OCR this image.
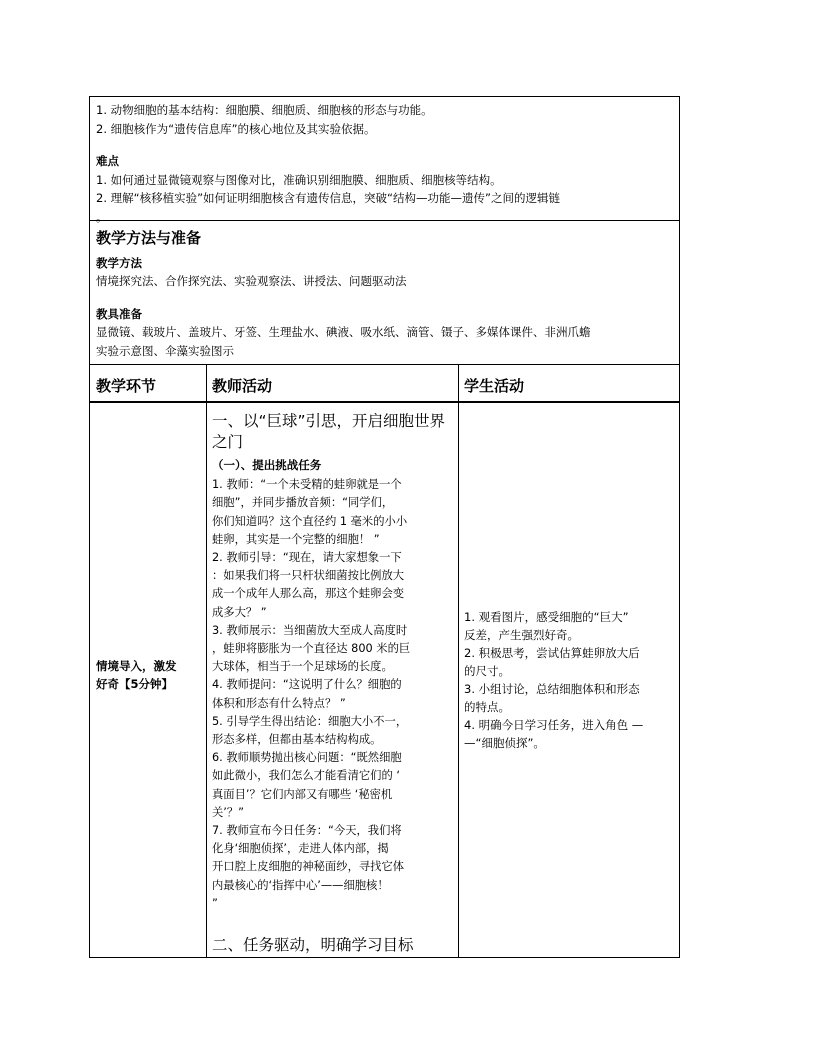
1. 动物细胞的基本结构：细胞膜、细胞质、细胞核的形态与功能。

2. 细胞核作为“遗传信息库”的核心地位及其实验依据。

难点

1. 如何通过显微镜观察与图像对比，准确识别细胞膜、细胞质、细胞核等结构。

2. 理解“核移植实验”如何证明细胞核含有遗传信息，突破“结构—功能—遗传”之间的逻辑链

。

教学方法与准备

教学方法

情境探究法、合作探究法、实验观察法、讲授法、问题驱动法

教具准备

显微镜、载玻片、盖玻片、牙签、生理盐水、碘液、吸水纸、滴管、镊子、多媒体课件、非洲爪蟾

实验示意图、伞藻实验图示

教学环节	教师活动	学生活动

情境导入，激发

好奇【5分钟】

一、以“巨球”引思，开启细胞世界之门
（一）、提出挑战任务

1. 教师：“一个未受精的蛙卵就是一个

细胞”，并同步播放音频：“同学们，

你们知道吗？这个直径约 1 毫米的小小

蛙卵，其实是一个完整的细胞！ ”

2. 教师引导：“现在，请大家想象一下

：如果我们将一只杆状细菌按比例放大

成一个成年人那么高，那这个蛙卵会变

成多大？ ”

3. 教师展示：当细菌放大至成人高度时

，蛙卵将膨胀为一个直径达 800 米的巨

大球体，相当于一个足球场的长度。

4. 教师提问：“这说明了什么？细胞的

体积和形态有什么特点？ ”

5. 引导学生得出结论：细胞大小不一，

形态多样，但都由基本结构构成。

6. 教师顺势抛出核心问题：“既然细胞

如此微小，我们怎么才能看清它们的 ‘

真面目’？它们内部又有哪些 ‘秘密机

关’？”

7. 教师宣布今日任务：“今天，我们将

化身‘细胞侦探’，走进人体内部，揭

开口腔上皮细胞的神秘面纱，寻找它体

内最核心的‘指挥中心’——细胞核！

”

二、任务驱动，明确学习目标

1. 观看图片，感受细胞的“巨大”

反差，产生强烈好奇。

2. 积极思考，尝试估算蛙卵放大后

的尺寸。

3. 小组讨论，总结细胞体积和形态

的特点。

4. 明确今日学习任务，进入角色 —

—“细胞侦探”。
